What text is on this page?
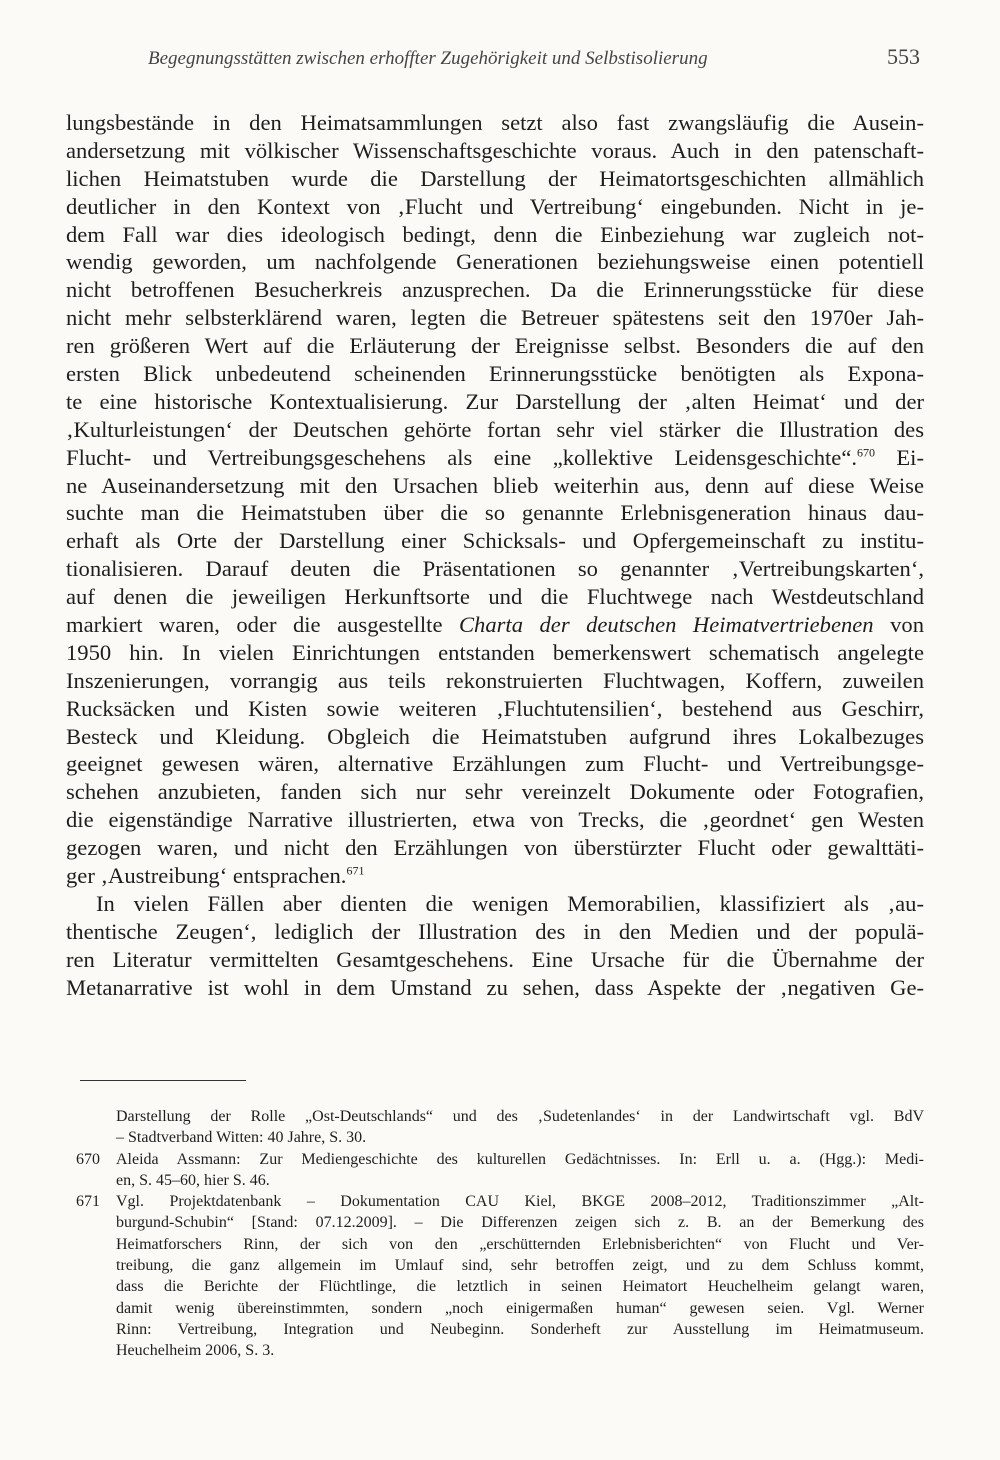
Begegnungsstätten zwischen erhoffter Zugehörigkeit und Selbstisolierung	553
lungsbestände in den Heimatsammlungen setzt also fast zwangsläufig die Ausein-
andersetzung mit völkischer Wissenschaftsgeschichte voraus. Auch in den patenschaft-
lichen Heimatstuben wurde die Darstellung der Heimatortsgeschichten allmählich
deutlicher in den Kontext von ‚Flucht und Vertreibung‘ eingebunden. Nicht in je-
dem Fall war dies ideologisch bedingt, denn die Einbeziehung war zugleich not-
wendig geworden, um nachfolgende Generationen beziehungsweise einen potentiell
nicht betroffenen Besucherkreis anzusprechen. Da die Erinnerungsstücke für diese
nicht mehr selbsterklärend waren, legten die Betreuer spätestens seit den 1970er Jah-
ren größeren Wert auf die Erläuterung der Ereignisse selbst. Besonders die auf den
ersten Blick unbedeutend scheinenden Erinnerungsstücke benötigten als Expona-
te eine historische Kontextualisierung. Zur Darstellung der ‚alten Heimat‘ und der
‚Kulturleistungen‘ der Deutschen gehörte fortan sehr viel stärker die Illustration des
Flucht- und Vertreibungsgeschehens als eine „kollektive Leidensgeschichte“.$^{670}$ Ei-
ne Auseinandersetzung mit den Ursachen blieb weiterhin aus, denn auf diese Weise
suchte man die Heimatstuben über die so genannte Erlebnisgeneration hinaus dau-
erhaft als Orte der Darstellung einer Schicksals- und Opfergemeinschaft zu institu-
tionalisieren. Darauf deuten die Präsentationen so genannter ‚Vertreibungskarten‘,
auf denen die jeweiligen Herkunftsorte und die Fluchtwege nach Westdeutschland
markiert waren, oder die ausgestellte Charta der deutschen Heimatvertriebenen von
1950 hin. In vielen Einrichtungen entstanden bemerkenswert schematisch angelegte
Inszenierungen, vorrangig aus teils rekonstruierten Fluchtwagen, Koffern, zuweilen
Rucksäcken und Kisten sowie weiteren ‚Fluchtutensilien‘, bestehend aus Geschirr,
Besteck und Kleidung. Obgleich die Heimatstuben aufgrund ihres Lokalbezuges
geeignet gewesen wären, alternative Erzählungen zum Flucht- und Vertreibungsge-
schehen anzubieten, fanden sich nur sehr vereinzelt Dokumente oder Fotografien,
die eigenständige Narrative illustrierten, etwa von Trecks, die ‚geordnet‘ gen Westen
gezogen waren, und nicht den Erzählungen von überstürzter Flucht oder gewalttäti-
ger ‚Austreibung‘ entsprachen.$^{671}$
In vielen Fällen aber dienten die wenigen Memorabilien, klassifiziert als ‚au-
thentische Zeugen‘, lediglich der Illustration des in den Medien und der populä-
ren Literatur vermittelten Gesamtgeschehens. Eine Ursache für die Übernahme der
Metanarrative ist wohl in dem Umstand zu sehen, dass Aspekte der ‚negativen Ge-
Darstellung der Rolle „Ost-Deutschlands“ und des ‚Sudetenlandes‘ in der Landwirtschaft vgl. BdV
– Stadtverband Witten: 40 Jahre, S. 30.
670 Aleida Assmann: Zur Mediengeschichte des kulturellen Gedächtnisses. In: Erll u. a. (Hgg.): Medi-
en, S. 45–60, hier S. 46.
671 Vgl. Projektdatenbank – Dokumentation CAU Kiel, BKGE 2008–2012, Traditionszimmer „Alt-
burgund-Schubin“ [Stand: 07.12.2009]. – Die Differenzen zeigen sich z. B. an der Bemerkung des
Heimatforschers Rinn, der sich von den „erschütternden Erlebnisberichten“ von Flucht und Ver-
treibung, die ganz allgemein im Umlauf sind, sehr betroffen zeigt, und zu dem Schluss kommt,
dass die Berichte der Flüchtlinge, die letztlich in seinen Heimatort Heuchelheim gelangt waren,
damit wenig übereinstimmten, sondern „noch einigermaßen human“ gewesen seien. Vgl. Werner
Rinn: Vertreibung, Integration und Neubeginn. Sonderheft zur Ausstellung im Heimatmuseum.
Heuchelheim 2006, S. 3.
